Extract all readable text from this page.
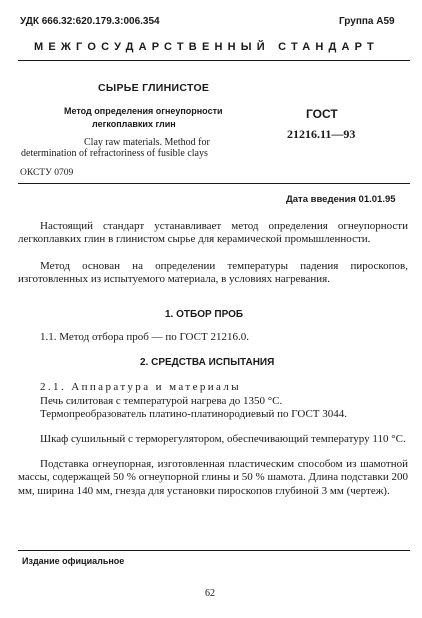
УДК 666.32:620.179.3:006.354	Группа А59
МЕЖГОСУДАРСТВЕННЫЙ СТАНДАРТ
СЫРЬЕ ГЛИНИСТОЕ
Метод определения огнеупорности
легкоплавких глин
Clay raw materials. Method for
determination of refractoriness of fusible clays
ГОСТ
21216.11—93
ОКСТУ 0709
Дата введения 01.01.95
Настоящий стандарт устанавливает метод определения огнеупорности легкоплавких глин в глинистом сырье для керамической промышленности.
Метод основан на определении температуры падения пироскопов, изготовленных из испытуемого материала, в условиях нагревания.
1. ОТБОР ПРОБ
1.1. Метод отбора проб — по ГОСТ 21216.0.
2. СРЕДСТВА ИСПЫТАНИЯ
2.1. Аппаратура и материалы
Печь силитовая с температурой нагрева до 1350 °С.
Термопреобразователь платино-платинородиевый по ГОСТ 3044.
Шкаф сушильный с терморегулятором, обеспечивающий температуру 110 °С.
Подставка огнеупорная, изготовленная пластическим способом из шамотной массы, содержащей 50 % огнеупорной глины и 50 % шамота. Длина подставки 200 мм, ширина 140 мм, гнезда для установки пироскопов глубиной 3 мм (чертеж).
Издание официальное
62
